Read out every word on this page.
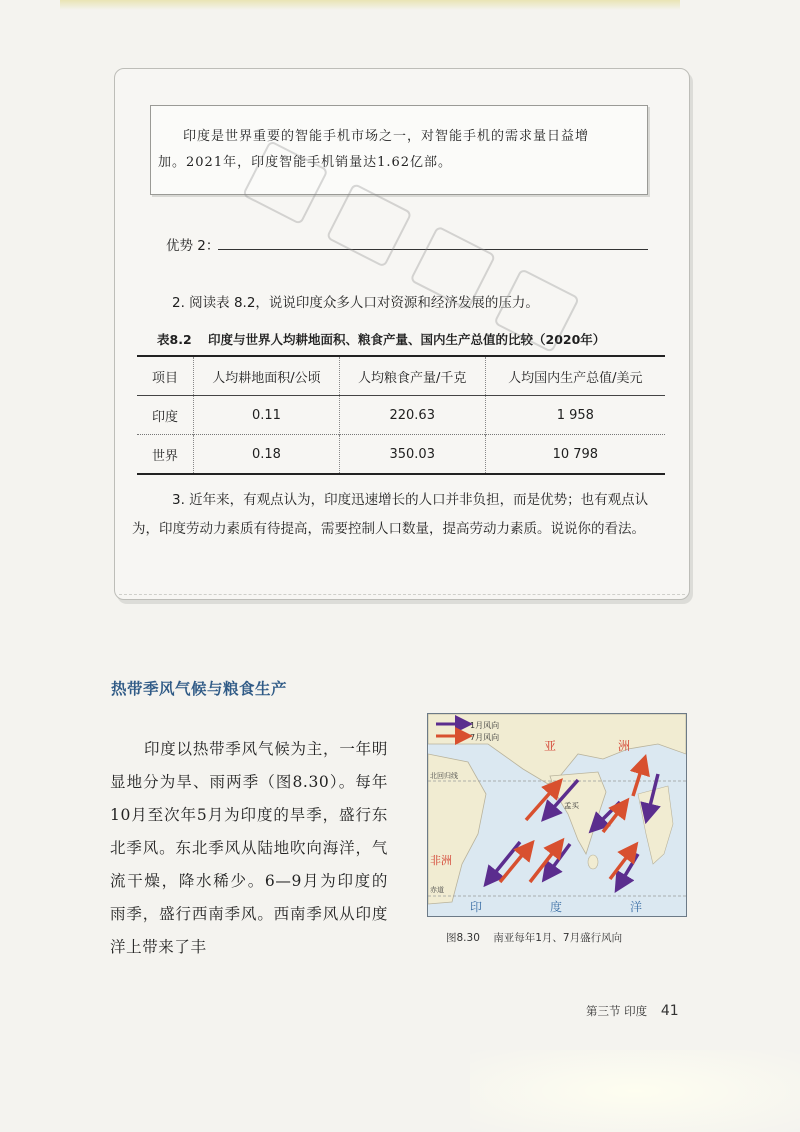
印度是世界重要的智能手机市场之一，对智能手机的需求量日益增
加。2021年，印度智能手机销量达1.62亿部。
优势 2：
2. 阅读表 8.2，说说印度众多人口对资源和经济发展的压力。
表8.2 印度与世界人均耕地面积、粮食产量、国内生产总值的比较（2020年）
项目	人均耕地面积/公顷	人均粮食产量/千克	人均国内生产总值/美元
印度	0.11	220.63	1 958
世界	0.18	350.03	10 798
3. 近年来，有观点认为，印度迅速增长的人口并非负担，而是优势；也有观点认为，印度劳动力素质有待提高，需要控制人口数量，提高劳动力素质。说说你的看法。
热带季风气候与粮食生产
印度以热带季风气候为主，一年明显地分为旱、雨两季（图8.30）。每年10月至次年5月为印度的旱季，盛行东北季风。东北季风从陆地吹向海洋，气流干燥，降水稀少。6—9月为印度的雨季，盛行西南季风。西南季风从印度洋上带来了丰
1月风向
7月风向
亚	洲
北回归线
孟买
非洲
赤道
印	度	洋
图8.30 南亚每年1月、7月盛行风向
第三节 印度 41
